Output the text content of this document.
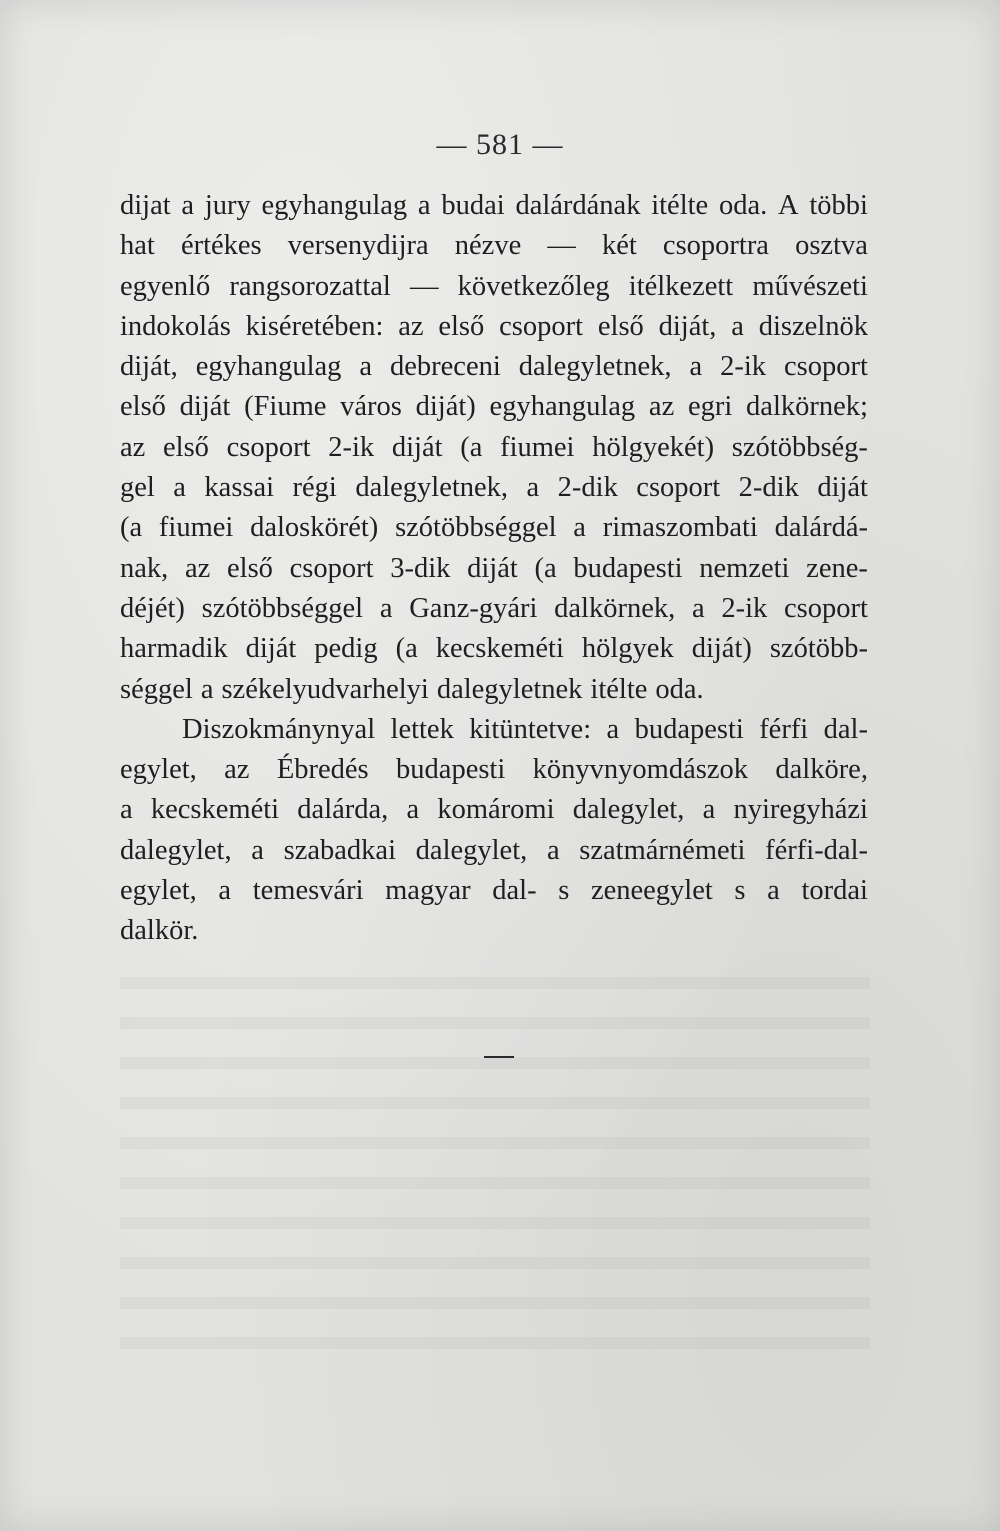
— 581 —
dijat a jury egyhangulag a budai dalárdának itélte oda. A többi
hat értékes versenydijra nézve — két csoportra osztva
egyenlő rangsorozattal — következőleg itélkezett művészeti
indokolás kiséretében: az első csoport első diját, a diszelnök
diját, egyhangulag a debreceni dalegyletnek, a 2-ik csoport
első diját (Fiume város diját) egyhangulag az egri dalkörnek;
az első csoport 2-ik diját (a fiumei hölgyekét) szótöbbség-
gel a kassai régi dalegyletnek, a 2-dik csoport 2-dik diját
(a fiumei daloskörét) szótöbbséggel a rimaszombati dalárdá-
nak, az első csoport 3-dik diját (a budapesti nemzeti zene-
déjét) szótöbbséggel a Ganz-gyári dalkörnek, a 2-ik csoport
harmadik diját pedig (a kecskeméti hölgyek diját) szótöbb-
séggel a székelyudvarhelyi dalegyletnek itélte oda.
Diszokmánynyal lettek kitüntetve: a budapesti férfi dal-
egylet, az Ébredés budapesti könyvnyomdászok dalköre,
a kecskeméti dalárda, a komáromi dalegylet, a nyiregyházi
dalegylet, a szabadkai dalegylet, a szatmárnémeti férfi-dal-
egylet, a temesvári magyar dal- s zeneegylet s a tordai
dalkör.
